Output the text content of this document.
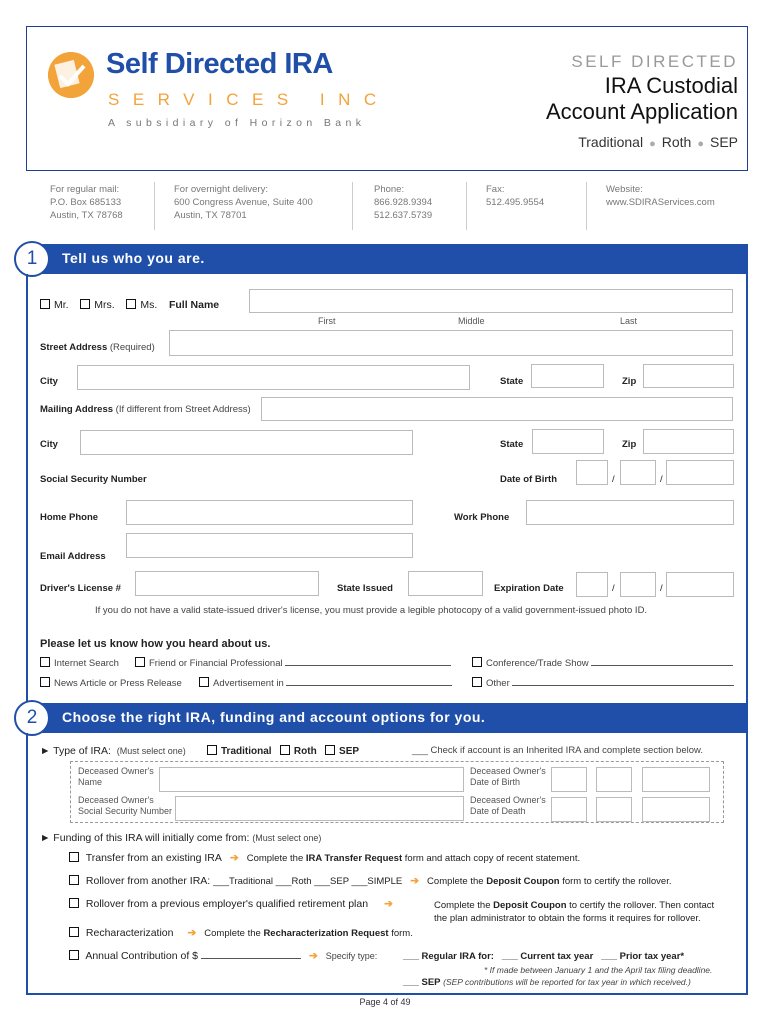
Self Directed IRA
SERVICES INC
A subsidiary of Horizon Bank
SELF DIRECTED
IRA Custodial
Account Application
Traditional ● Roth ● SEP
For regular mail:
P.O. Box 685133
Austin, TX 78768
For overnight delivery:
600 Congress Avenue, Suite 400
Austin, TX 78701
Phone:
866.928.9394
512.637.5739
Fax:
512.495.9554
Website:
www.SDIRAServices.com
Tell us who you are.
1
Mr. Mrs. Ms. Full Name
First	Middle	Last
Street Address (Required)
City	State	Zip
Mailing Address (If different from Street Address)
City	State	Zip
Social Security Number	Date of Birth	/	/
Home Phone	Work Phone
Email Address
Driver's License #	State Issued	Expiration Date	/	/
If you do not have a valid state-issued driver's license, you must provide a legible photocopy of a valid government-issued photo ID.
Please let us know how you heard about us.
Internet Search	Friend or Financial Professional	Conference/Trade Show
News Article or Press Release	Advertisement in	Other
Choose the right IRA, funding and account options for you.
2
► Type of IRA: (Must select one)	Traditional Roth SEP	___ Check if account is an Inherited IRA and complete section below.
Deceased Owner's
Name
Deceased Owner's
Date of Birth
Deceased Owner's
Social Security Number
Deceased Owner's
Date of Death
► Funding of this IRA will initially come from: (Must select one)
Transfer from an existing IRA ➔ Complete the IRA Transfer Request form and attach copy of recent statement.
Rollover from another IRA: ___Traditional ___Roth ___SEP ___SIMPLE ➔ Complete the Deposit Coupon form to certify the rollover.
Rollover from a previous employer's qualified retirement plan ➔	Complete the Deposit Coupon to certify the rollover. Then contact
the plan administrator to obtain the forms it requires for rollover.
Recharacterization ➔ Complete the Recharacterization Request form.
Annual Contribution of $	➔ Specify type:	___ Regular IRA for: ___ Current tax year ___ Prior tax year*
* If made between January 1 and the April tax filing deadline.
___ SEP (SEP contributions will be reported for tax year in which received.)
Page 4 of 49
